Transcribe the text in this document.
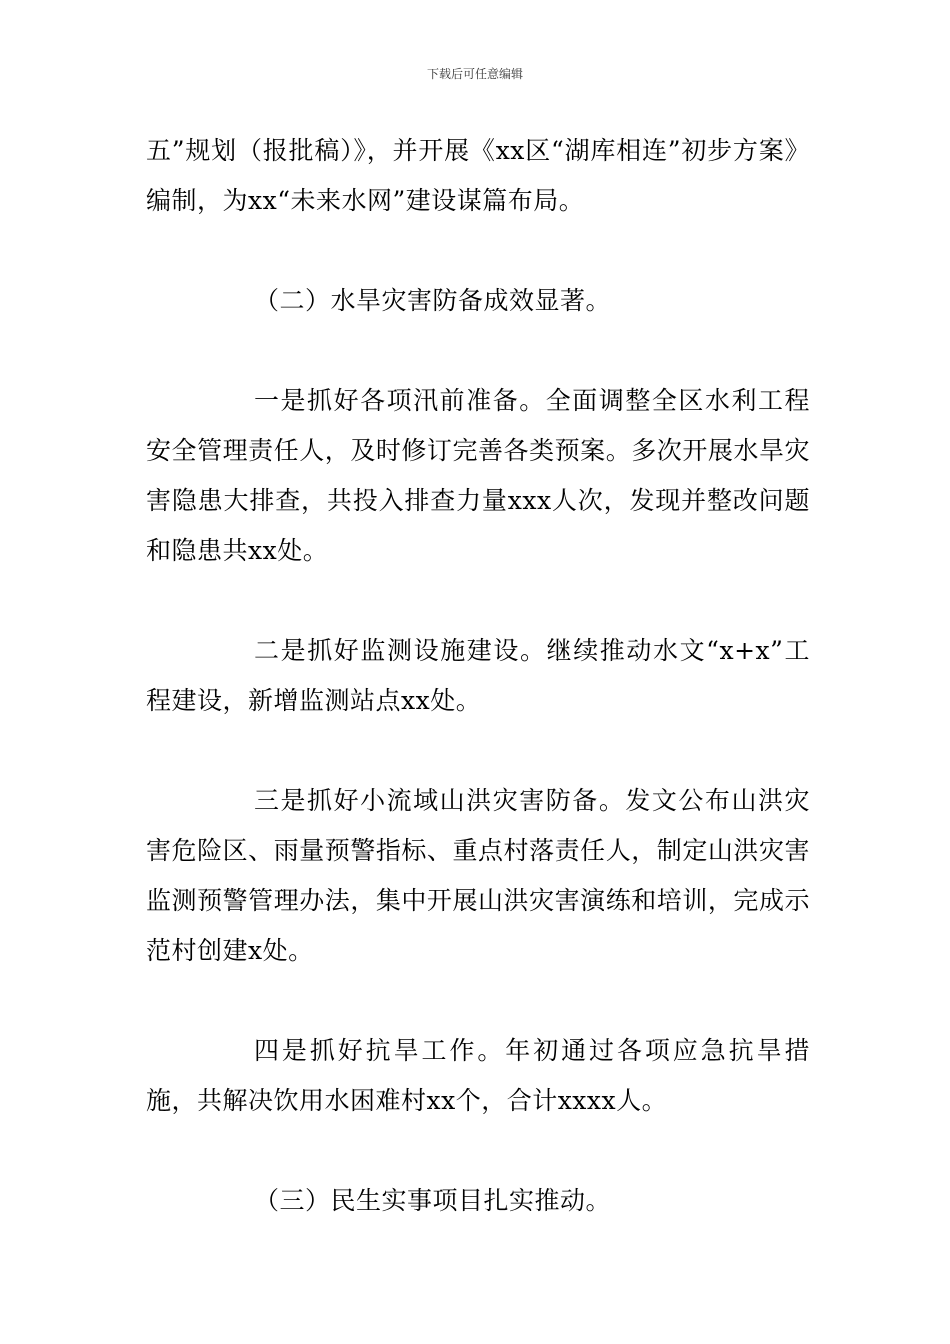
下载后可任意编辑

五”规划（报批稿）》，并开展《xx区“湖库相连”初步方案》编制，为xx“未来水网”建设谋篇布局。

（二）水旱灾害防备成效显著。

一是抓好各项汛前准备。全面调整全区水利工程安全管理责任人，及时修订完善各类预案。多次开展水旱灾害隐患大排查，共投入排查力量xxx人次，发现并整改问题和隐患共xx处。

二是抓好监测设施建设。继续推动水文“x+x”工程建设，新增监测站点xx处。

三是抓好小流域山洪灾害防备。发文公布山洪灾害危险区、雨量预警指标、重点村落责任人，制定山洪灾害监测预警管理办法，集中开展山洪灾害演练和培训，完成示范村创建x处。

四是抓好抗旱工作。年初通过各项应急抗旱措施，共解决饮用水困难村xx个，合计xxxx人。

（三）民生实事项目扎实推动。
